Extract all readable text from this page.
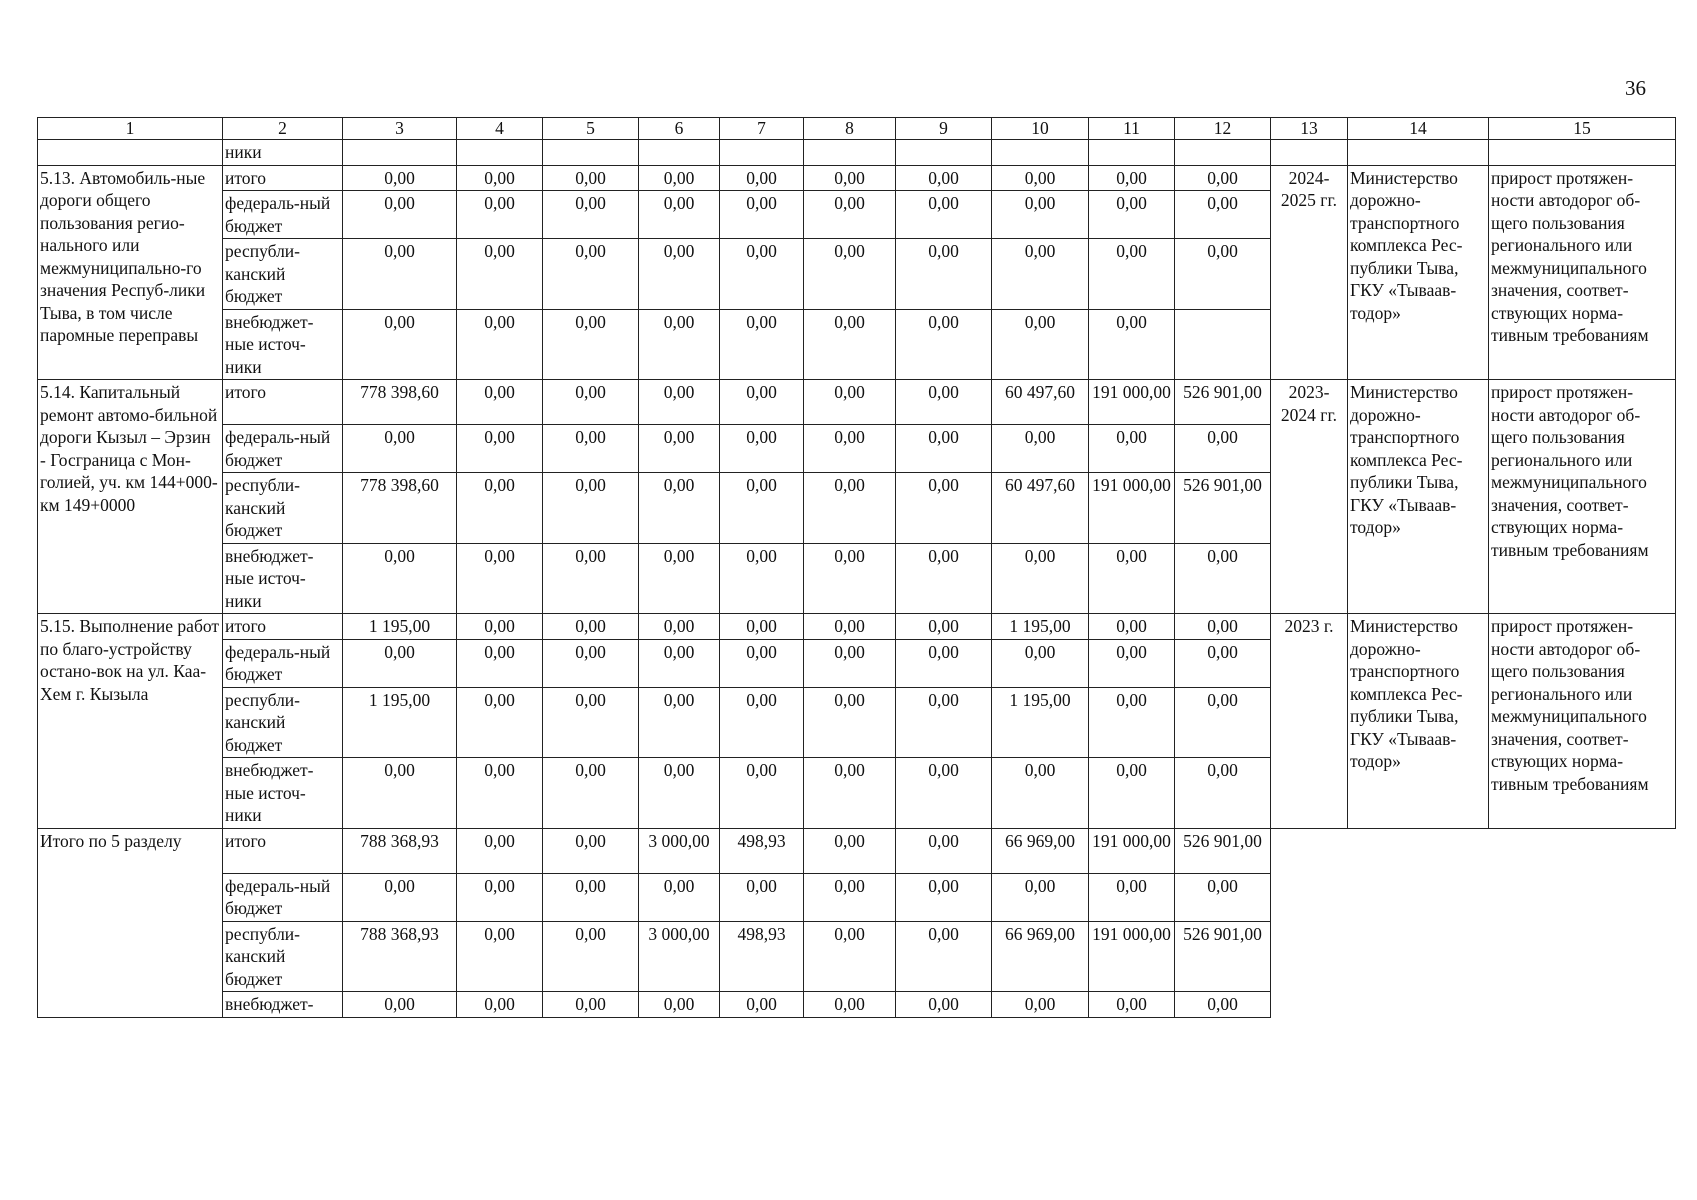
36
1	2	3	4	5	6	7	8	9	10	11	12	13	14	15
	ники													
5.13. Автомобиль-ные дороги общего пользования регио-нального или межмуниципально-го значения Респуб-лики Тыва, в том числе паромные переправы	итого	0,00	0,00	0,00	0,00	0,00	0,00	0,00	0,00	0,00	0,00	2024-2025 гг.	Министерство дорожно-транспортного комплекса Рес-публики Тыва, ГКУ «Тываав-тодор»	прирост протяжен-ности автодорог об-щего пользования регионального или межмуниципального значения, соответ-ствующих норма-тивным требованиям
	федераль-ный бюджет	0,00	0,00	0,00	0,00	0,00	0,00	0,00	0,00	0,00	0,00			
	республи-канский бюджет	0,00	0,00	0,00	0,00	0,00	0,00	0,00	0,00	0,00	0,00			
	внебюджет-ные источ-ники	0,00	0,00	0,00	0,00	0,00	0,00	0,00	0,00	0,00				
5.14. Капитальный ремонт автомо-бильной дороги Кызыл – Эрзин - Госграница с Мон-голией, уч. км 144+000-км 149+0000	итого	778 398,60	0,00	0,00	0,00	0,00	0,00	0,00	60 497,60	191 000,00	526 901,00	2023-2024 гг.	Министерство дорожно-транспортного комплекса Рес-публики Тыва, ГКУ «Тываав-тодор»	прирост протяжен-ности автодорог об-щего пользования регионального или межмуниципального значения, соответ-ствующих норма-тивным требованиям
	федераль-ный бюджет	0,00	0,00	0,00	0,00	0,00	0,00	0,00	0,00	0,00	0,00			
	республи-канский бюджет	778 398,60	0,00	0,00	0,00	0,00	0,00	0,00	60 497,60	191 000,00	526 901,00			
	внебюджет-ные источ-ники	0,00	0,00	0,00	0,00	0,00	0,00	0,00	0,00	0,00	0,00			
5.15. Выполнение работ по благо-устройству остано-вок на ул. Каа-Хем г. Кызыла	итого	1 195,00	0,00	0,00	0,00	0,00	0,00	0,00	1 195,00	0,00	0,00	2023 г.	Министерство дорожно-транспортного комплекса Рес-публики Тыва, ГКУ «Тываав-тодор»	прирост протяжен-ности автодорог об-щего пользования регионального или межмуниципального значения, соответ-ствующих норма-тивным требованиям
	федераль-ный бюджет	0,00	0,00	0,00	0,00	0,00	0,00	0,00	0,00	0,00	0,00			
	республи-канский бюджет	1 195,00	0,00	0,00	0,00	0,00	0,00	0,00	1 195,00	0,00	0,00			
	внебюджет-ные источ-ники	0,00	0,00	0,00	0,00	0,00	0,00	0,00	0,00	0,00	0,00			
Итого по 5 разделу	итого	788 368,93	0,00	0,00	3 000,00	498,93	0,00	0,00	66 969,00	191 000,00	526 901,00			
	федераль-ный бюджет	0,00	0,00	0,00	0,00	0,00	0,00	0,00	0,00	0,00	0,00			
	республи-канский бюджет	788 368,93	0,00	0,00	3 000,00	498,93	0,00	0,00	66 969,00	191 000,00	526 901,00			
	внебюджет-	0,00	0,00	0,00	0,00	0,00	0,00	0,00	0,00	0,00	0,00			
